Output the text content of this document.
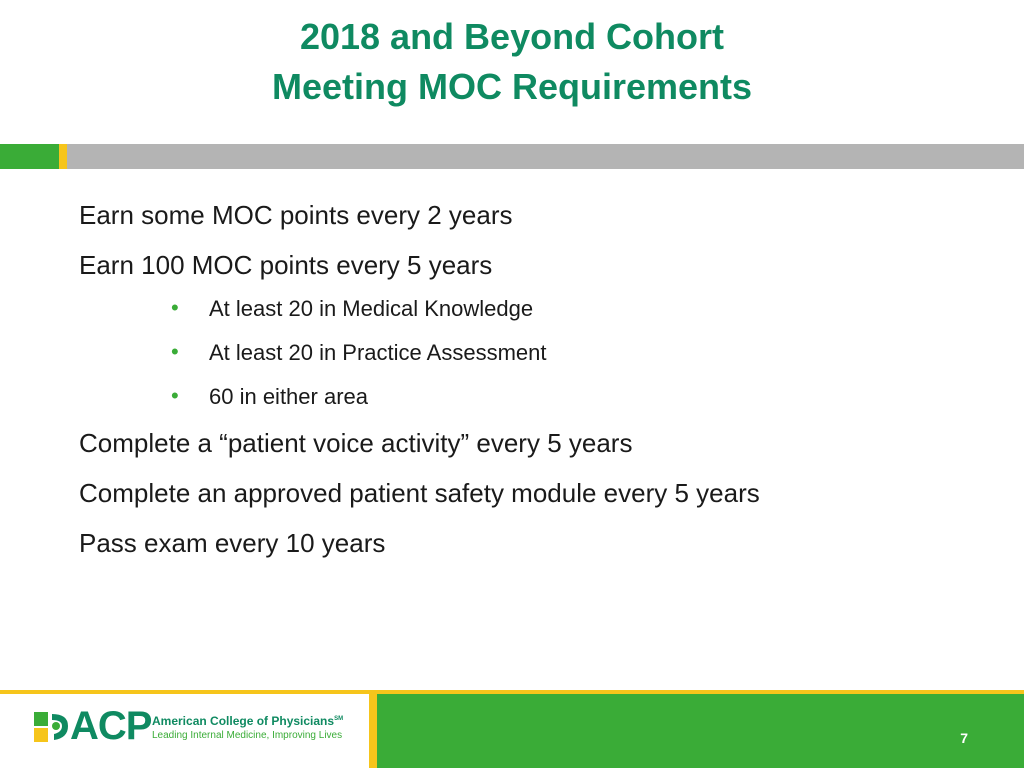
2018 and Beyond Cohort
Meeting MOC Requirements
Earn some MOC points every 2 years
Earn 100 MOC points every 5 years
• At least 20 in Medical Knowledge
• At least 20 in Practice Assessment
• 60 in either area
Complete a “patient voice activity” every 5 years
Complete an approved patient safety module every 5 years
Pass exam every 10 years
ACP American College of Physicians℠
Leading Internal Medicine, Improving Lives	7
